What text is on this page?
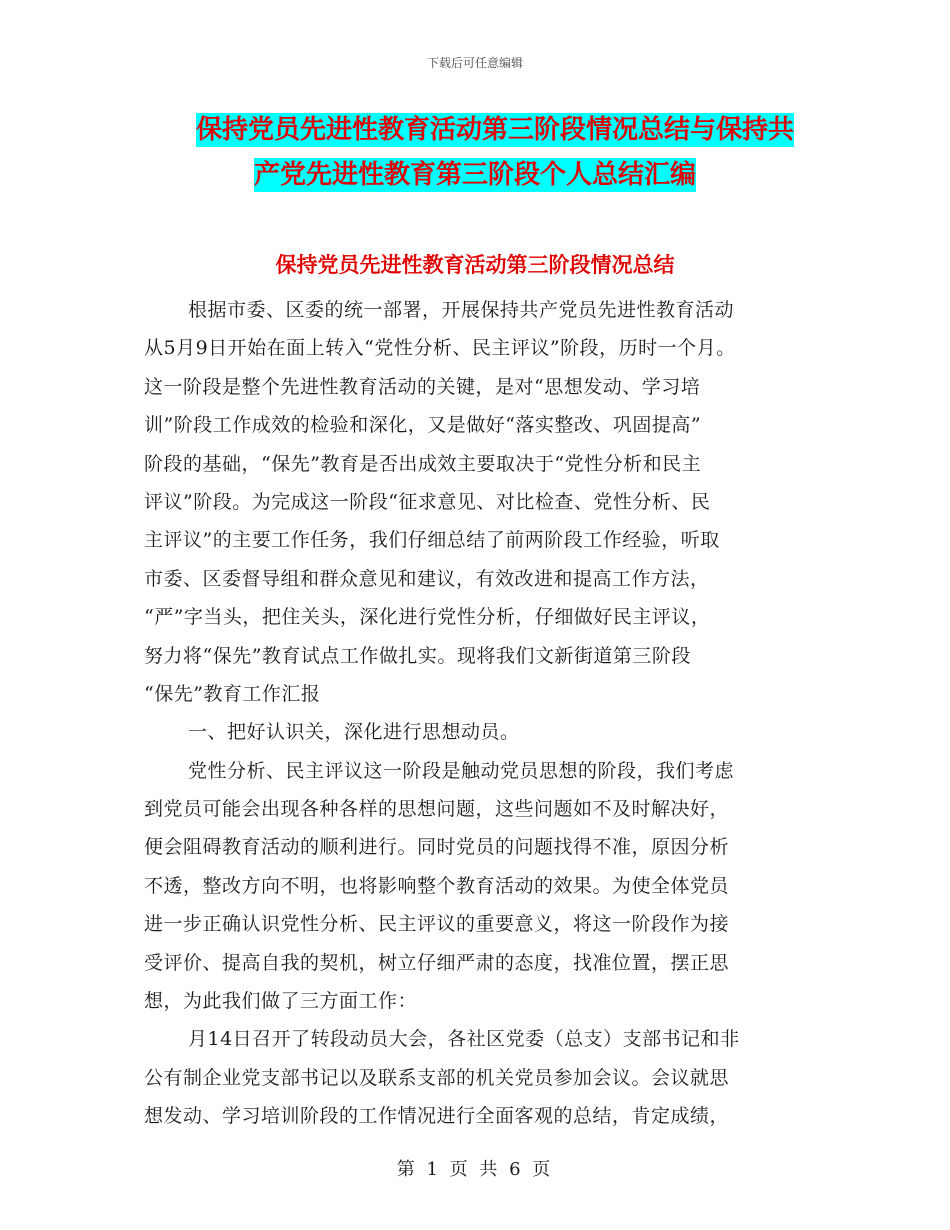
下载后可任意编辑
保持党员先进性教育活动第三阶段情况总结与保持共
产党先进性教育第三阶段个人总结汇编
保持党员先进性教育活动第三阶段情况总结
根据市委、区委的统一部署，开展保持共产党员先进性教育活动
从5月9日开始在面上转入“党性分析、民主评议”阶段，历时一个月。
这一阶段是整个先进性教育活动的关键，是对“思想发动、学习培
训”阶段工作成效的检验和深化，又是做好“落实整改、巩固提高”
阶段的基础，“保先”教育是否出成效主要取决于“党性分析和民主
评议”阶段。为完成这一阶段“征求意见、对比检查、党性分析、民
主评议”的主要工作任务，我们仔细总结了前两阶段工作经验，听取
市委、区委督导组和群众意见和建议，有效改进和提高工作方法，
“严”字当头，把住关头，深化进行党性分析，仔细做好民主评议，
努力将“保先”教育试点工作做扎实。现将我们文新街道第三阶段
“保先”教育工作汇报
一、把好认识关，深化进行思想动员。
党性分析、民主评议这一阶段是触动党员思想的阶段，我们考虑
到党员可能会出现各种各样的思想问题，这些问题如不及时解决好，
便会阻碍教育活动的顺利进行。同时党员的问题找得不准，原因分析
不透，整改方向不明，也将影响整个教育活动的效果。为使全体党员
进一步正确认识党性分析、民主评议的重要意义，将这一阶段作为接
受评价、提高自我的契机，树立仔细严肃的态度，找准位置，摆正思
想，为此我们做了三方面工作：
月14日召开了转段动员大会，各社区党委（总支）支部书记和非
公有制企业党支部书记以及联系支部的机关党员参加会议。会议就思
想发动、学习培训阶段的工作情况进行全面客观的总结，肯定成绩，
第 1 页 共 6 页
